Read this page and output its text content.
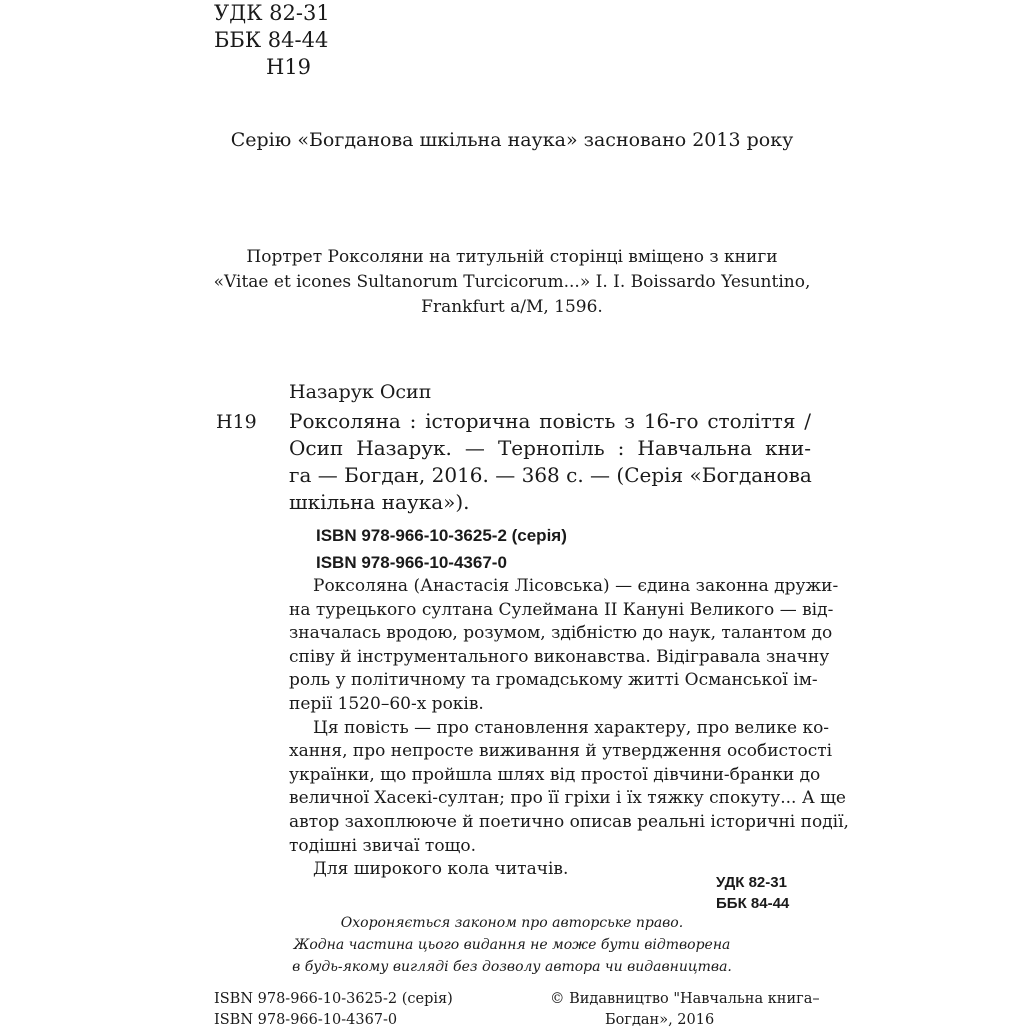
УДК 82-31
ББК 84-44
Н19
Серію «Богданова шкільна наука» засновано 2013 року
Портрет Роксоляни на титульній сторінці вміщено з книги
«Vitae et icones Sultanorum Turcicorum...» I. I. Boissardo Yesuntino,
Frankfurt a/M, 1596.
Назарук Осип
Н19 Роксоляна : історична повість з 16-го століття /
Осип Назарук. — Тернопіль : Навчальна кни-
га — Богдан, 2016. — 368 с. — (Серія «Богданова
шкільна наука»).
ISBN 978-966-10-3625-2 (серія)
ISBN 978-966-10-4367-0
Роксоляна (Анастасія Лісовська) — єдина законна дружи-
на турецького султана Сулеймана II Кануні Великого — від-
значалась вродою, розумом, здібністю до наук, талантом до
співу й інструментального виконавства. Відігравала значну
роль у політичному та громадському житті Османської ім-
перії 1520–60-х років.
Ця повість — про становлення характеру, про велике ко-
хання, про непросте виживання й утвердження особистості
українки, що пройшла шлях від простої дівчини-бранки до
величної Хасекі-султан; про її гріхи і їх тяжку спокуту... А ще
автор захоплююче й поетично описав реальні історичні події,
тодішні звичаї тощо.
Для широкого кола читачів.
УДК 82-31
ББК 84-44
Охороняється законом про авторське право.
Жодна частина цього видання не може бути відтворена
в будь-якому вигляді без дозволу автора чи видавництва.
ISBN 978-966-10-3625-2 (серія)
ISBN 978-966-10-4367-0
© Видавництво "Навчальна книга–
Богдан», 2016
